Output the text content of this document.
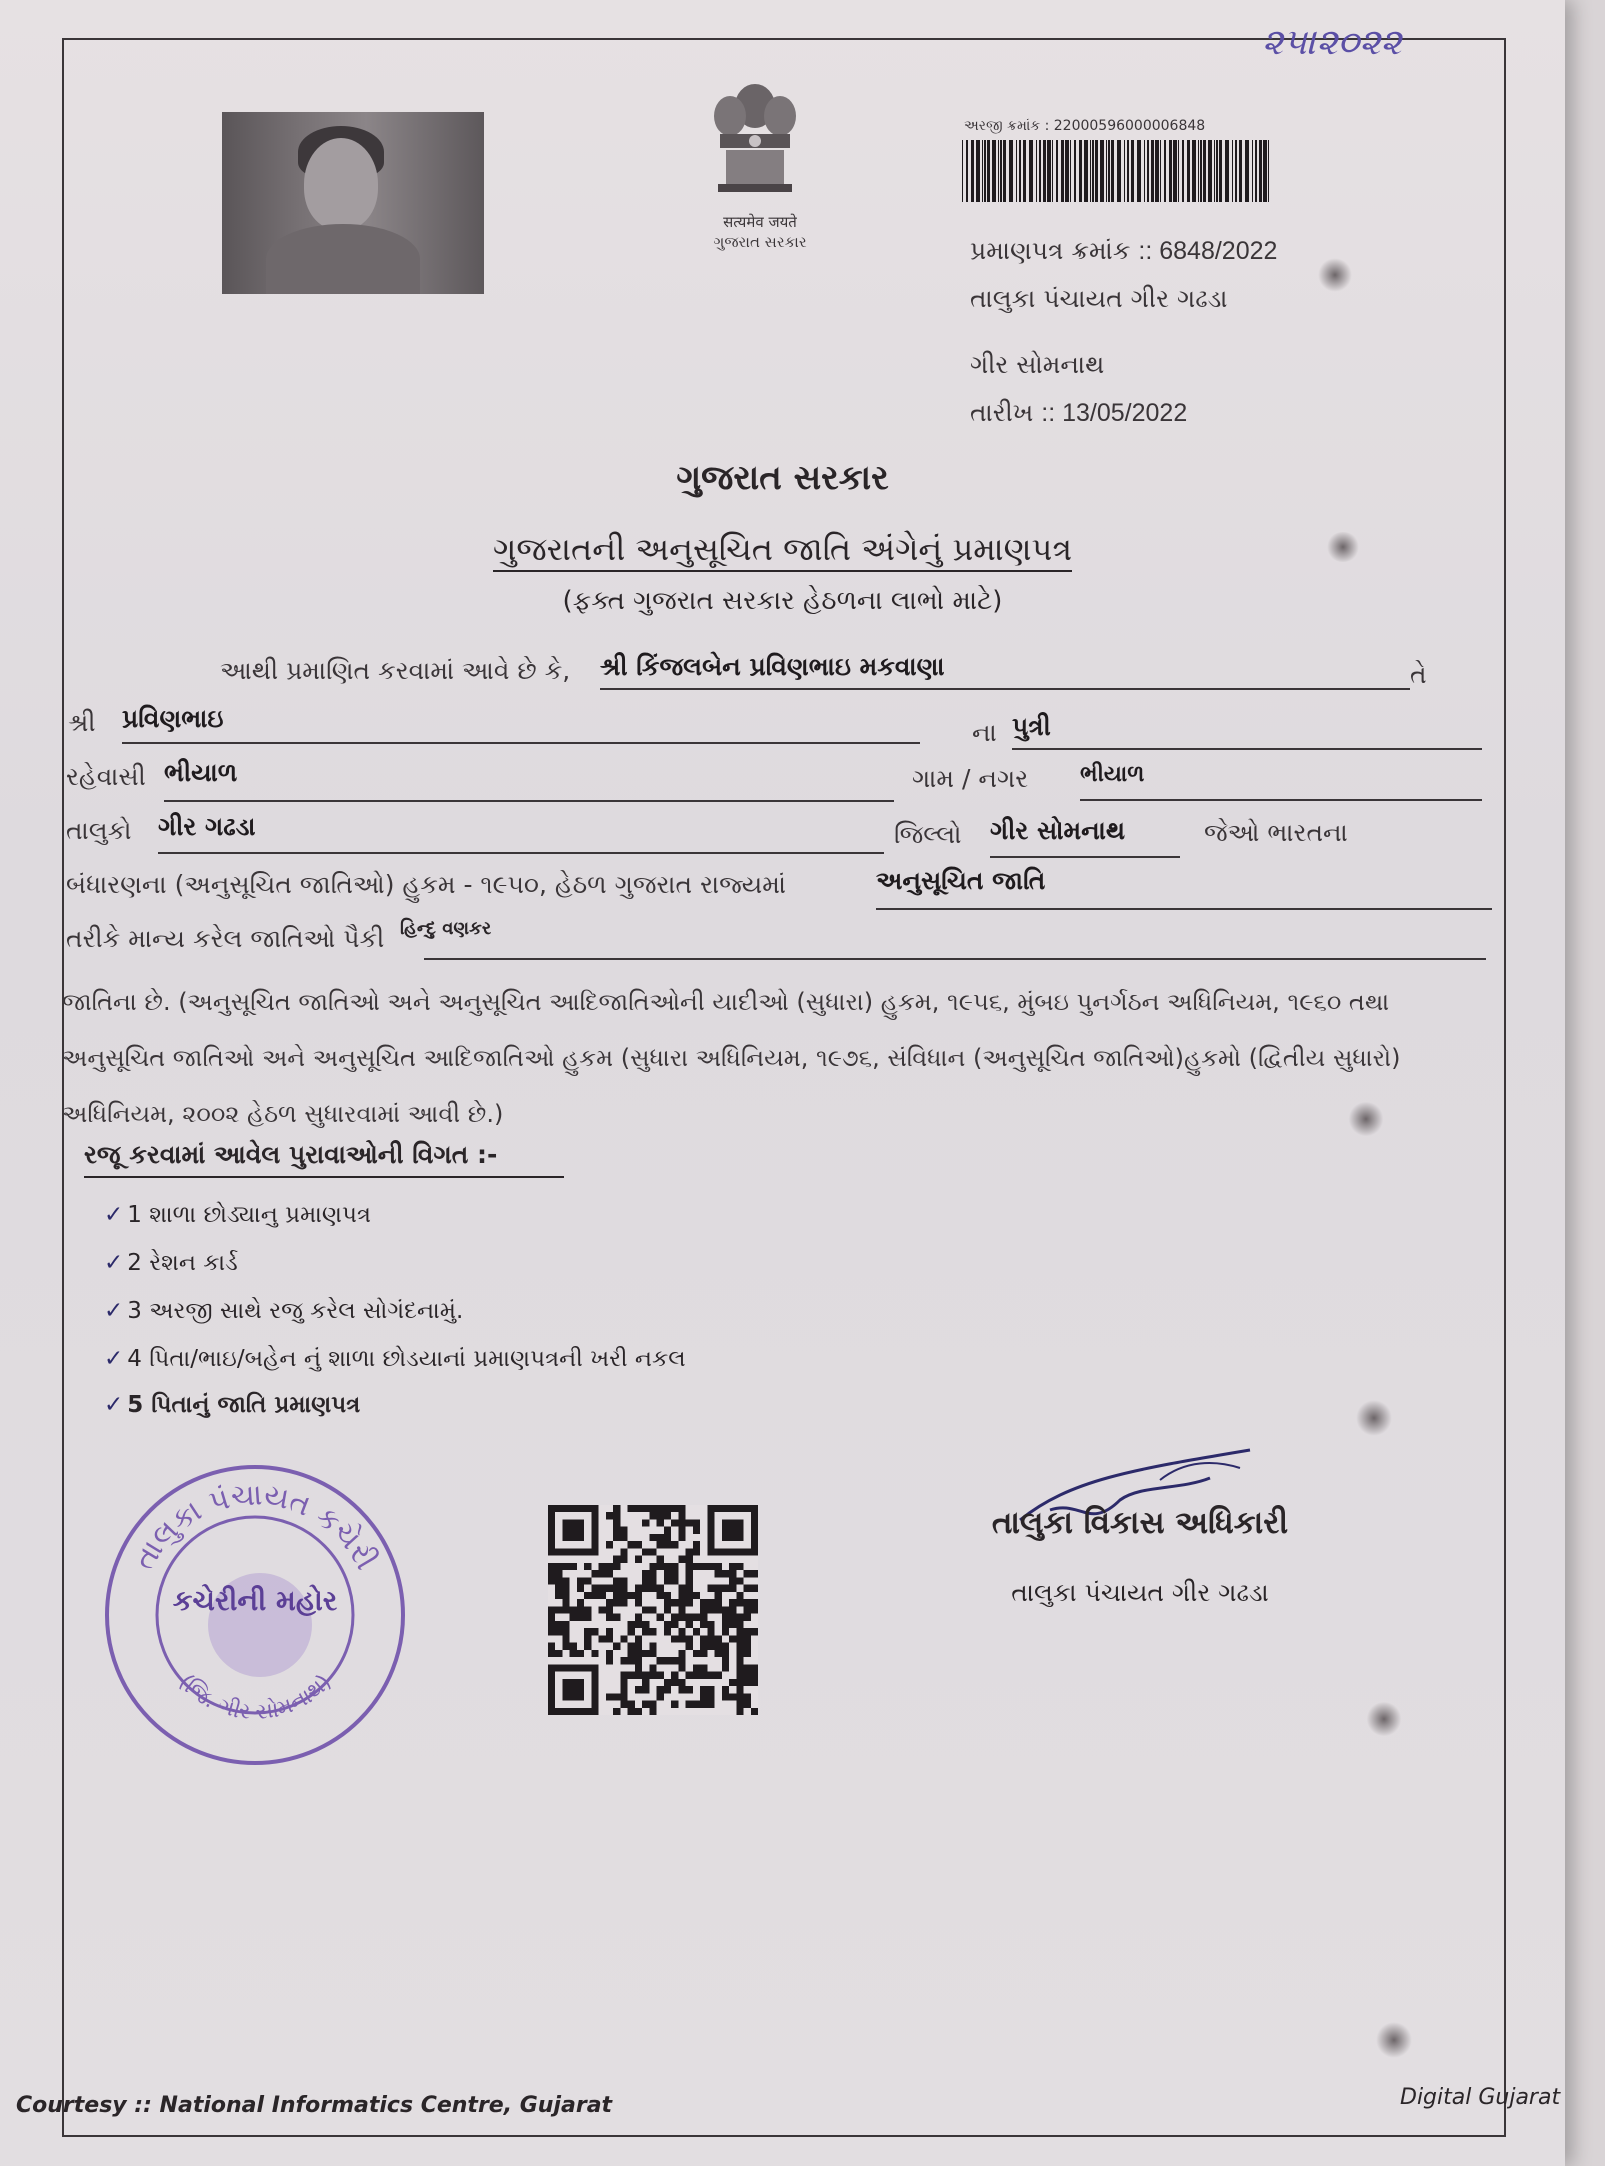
૨૫।૨૦૨૨
सत्यमेव जयते
ગુજરાત સરકાર
અરજી ક્રમાંક : 22000596000006848
પ્રમાણપત્ર ક્રમાંક :: 6848/2022
તાલુકા પંચાયત ગીર ગઢડા
ગીર સોમનાથ
તારીખ :: 13/05/2022
ગુજરાત સરકાર
ગુજરાતની અનુસૂચિત જાતિ અંગેનું પ્રમાણપત્ર
(ફક્ત ગુજરાત સરકાર હેઠળના લાભો માટે)
આથી પ્રમાણિત કરવામાં આવે છે કે, શ્રી કિંજલબેન પ્રવિણભાઇ મકવાણા	તે
શ્રી પ્રવિણભાઇ	ના પુત્રી
રહેવાસી ભીયાળ	ગામ / નગર ભીયાળ
તાલુકો ગીર ગઢડા	જિલ્લો ગીર સોમનાથ	જેઓ ભારતના
બંધારણના (અનુસૂચિત જાતિઓ) હુકમ - ૧૯૫૦, હેઠળ ગુજરાત રાજ્યમાં	અનુસૂચિત જાતિ
તરીકે માન્ય કરેલ જાતિઓ પૈકી હિન્દુ વણકર
જાતિના છે. (અનુસૂચિત જાતિઓ અને અનુસૂચિત આદિજાતિઓની યાદીઓ (સુધારા) હુકમ, ૧૯૫૬, મુંબઇ પુનર્ગઠન અધિનિયમ, ૧૯૬૦ તથા
અનુસૂચિત જાતિઓ અને અનુસૂચિત આદિજાતિઓ હુકમ (સુધારા અધિનિયમ, ૧૯૭૬, સંવિધાન (અનુસૂચિત જાતિઓ)હુકમો (દ્વિતીય સુધારો)
અધિનિયમ, ૨૦૦૨ હેઠળ સુધારવામાં આવી છે.)
રજૂ કરવામાં આવેલ પુરાવાઓની વિગત :-
✓ 1 શાળા છોડ્યાનુ પ્રમાણપત્ર
✓ 2 રેશન કાર્ડ
✓ 3 અરજી સાથે રજુ કરેલ સોગંદનામું.
✓ 4 પિતા/ભાઇ/બહેન નું શાળા છોડયાનાં પ્રમાણપત્રની ખરી નકલ
✓ 5 પિતાનું જાતિ પ્રમાણપત્ર
તાલુકા પંચાયત કચેરી
(જિ. ગીર સોમનાથ)
કચેરીની મહોર
તાલુકા વિકાસ અધિકારી
તાલુકા પંચાયત ગીર ગઢડા
Courtesy :: National Informatics Centre, Gujarat	Digital Gujarat
